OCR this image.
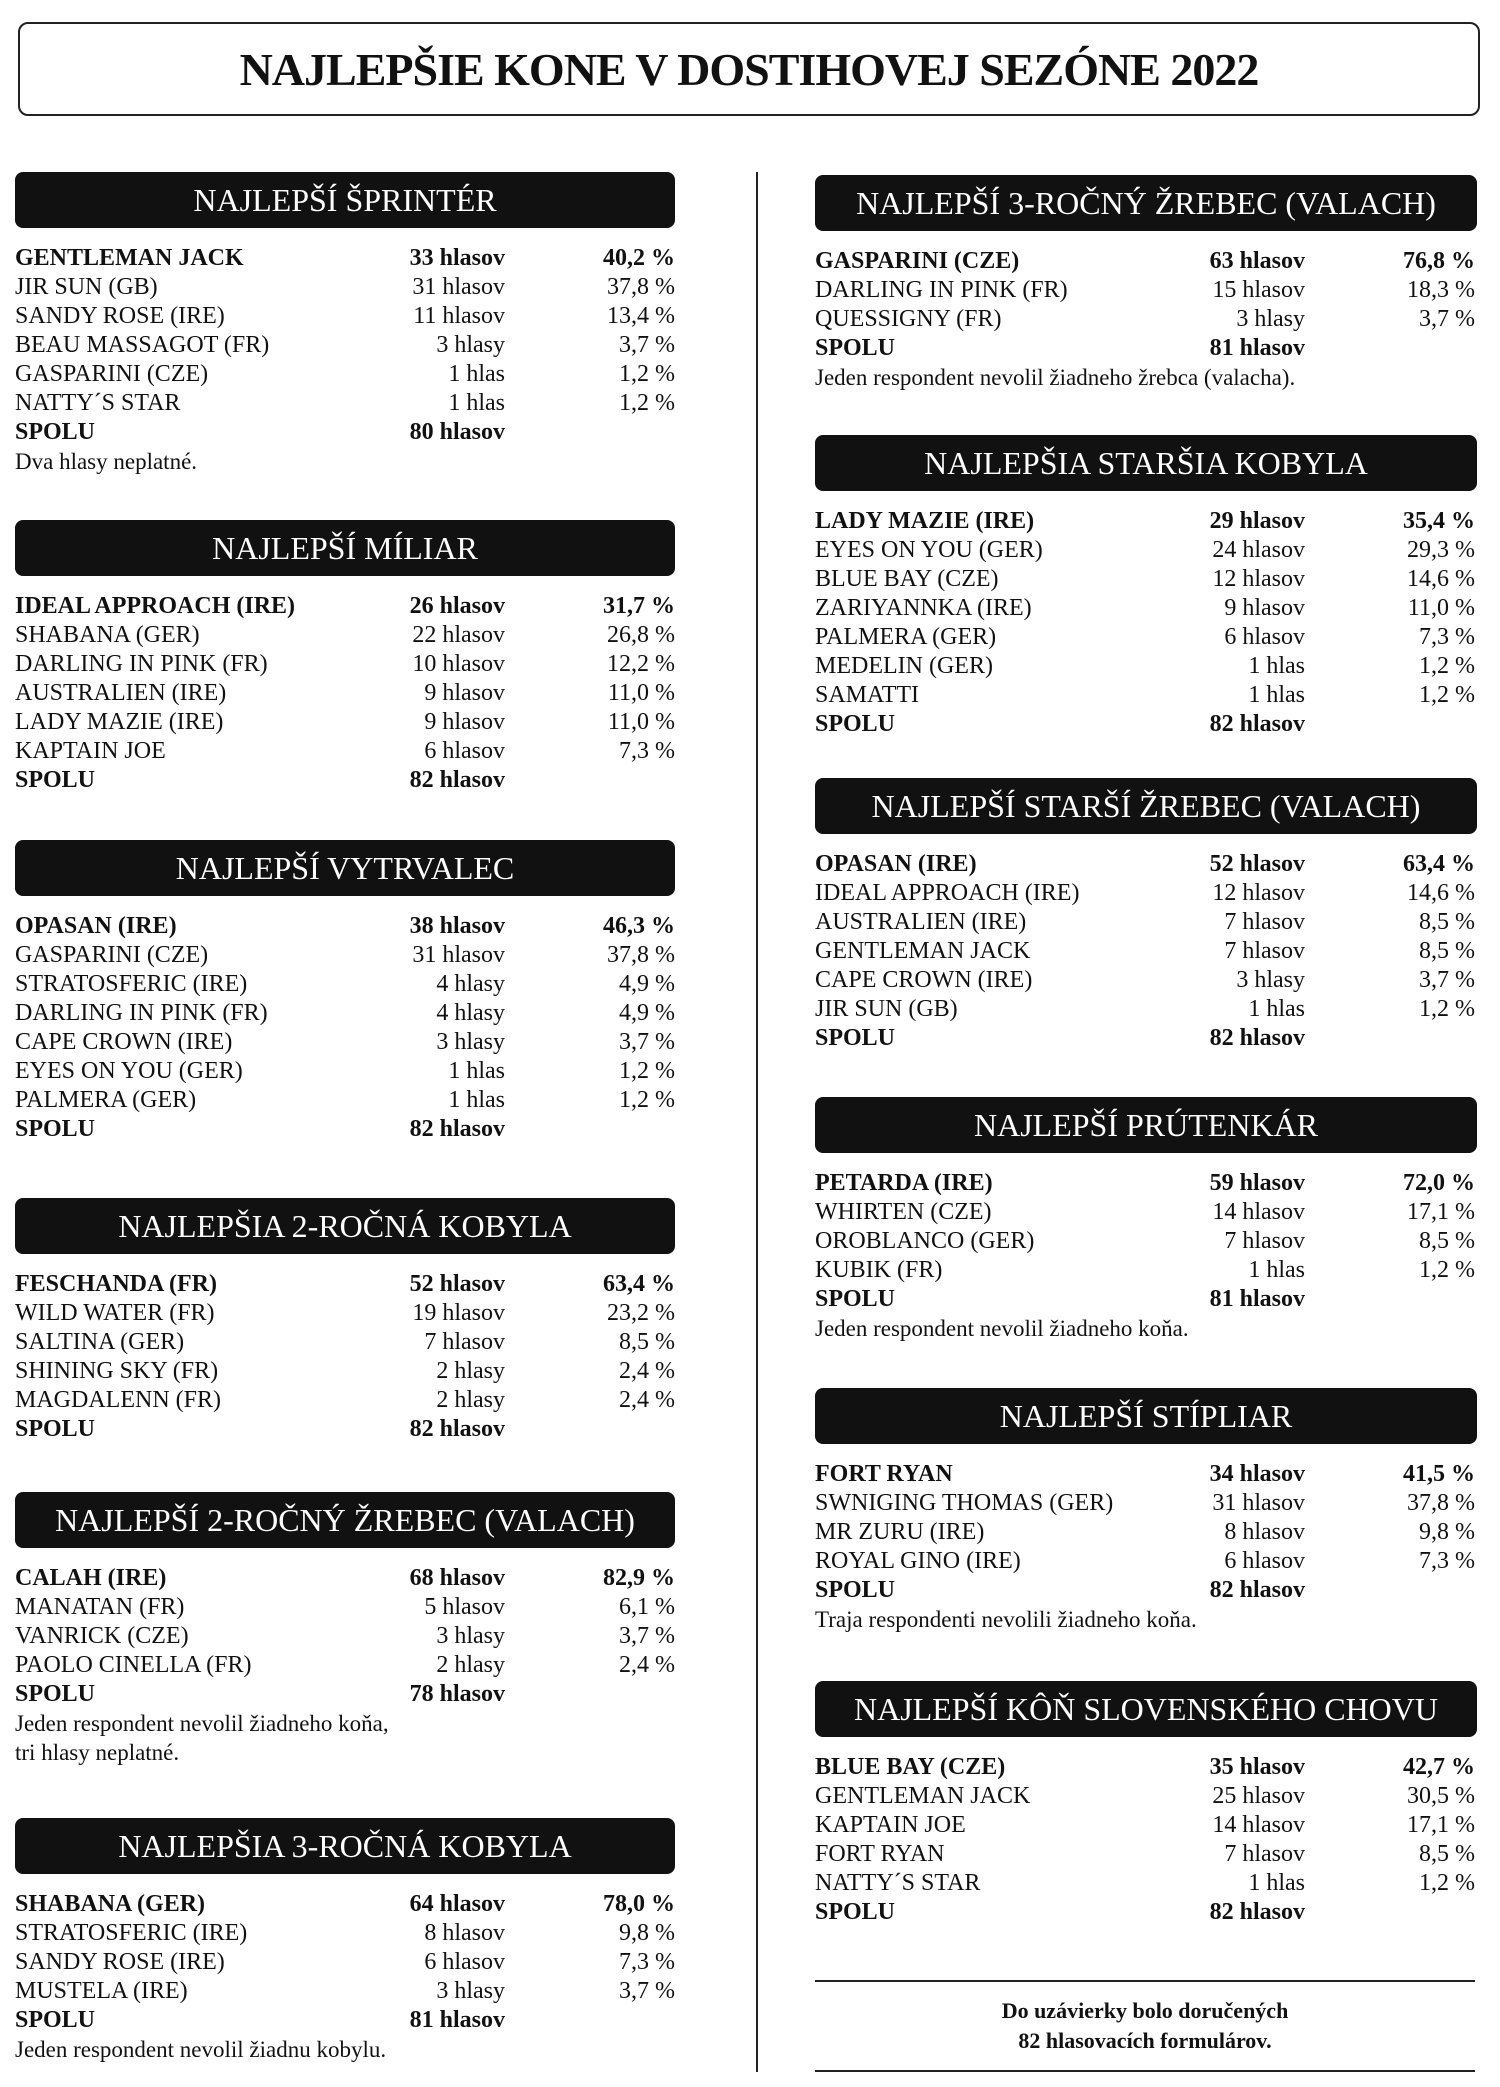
NAJLEPŠIE KONE V DOSTIHOVEJ SEZÓNE 2022
NAJLEPŠÍ ŠPRINTÉR
GENTLEMAN JACK	33 hlasov	40,2 %
JIR SUN (GB)	31 hlasov	37,8 %
SANDY ROSE (IRE)	11 hlasov	13,4 %
BEAU MASSAGOT (FR)	3 hlasy	3,7 %
GASPARINI (CZE)	1 hlas	1,2 %
NATTY´S STAR	1 hlas	1,2 %
SPOLU	80 hlasov
Dva hlasy neplatné.
NAJLEPŠÍ MÍLIAR
IDEAL APPROACH (IRE)	26 hlasov	31,7 %
SHABANA (GER)	22 hlasov	26,8 %
DARLING IN PINK (FR)	10 hlasov	12,2 %
AUSTRALIEN (IRE)	9 hlasov	11,0 %
LADY MAZIE (IRE)	9 hlasov	11,0 %
KAPTAIN JOE	6 hlasov	7,3 %
SPOLU	82 hlasov
NAJLEPŠÍ VYTRVALEC
OPASAN (IRE)	38 hlasov	46,3 %
GASPARINI (CZE)	31 hlasov	37,8 %
STRATOSFERIC (IRE)	4 hlasy	4,9 %
DARLING IN PINK (FR)	4 hlasy	4,9 %
CAPE CROWN (IRE)	3 hlasy	3,7 %
EYES ON YOU (GER)	1 hlas	1,2 %
PALMERA (GER)	1 hlas	1,2 %
SPOLU	82 hlasov
NAJLEPŠIA 2-ROČNÁ KOBYLA
FESCHANDA (FR)	52 hlasov	63,4 %
WILD WATER (FR)	19 hlasov	23,2 %
SALTINA (GER)	7 hlasov	8,5 %
SHINING SKY (FR)	2 hlasy	2,4 %
MAGDALENN (FR)	2 hlasy	2,4 %
SPOLU	82 hlasov
NAJLEPŠÍ 2-ROČNÝ ŽREBEC (VALACH)
CALAH (IRE)	68 hlasov	82,9 %
MANATAN (FR)	5 hlasov	6,1 %
VANRICK (CZE)	3 hlasy	3,7 %
PAOLO CINELLA (FR)	2 hlasy	2,4 %
SPOLU	78 hlasov
Jeden respondent nevolil žiadneho koňa,
tri hlasy neplatné.
NAJLEPŠIA 3-ROČNÁ KOBYLA
SHABANA (GER)	64 hlasov	78,0 %
STRATOSFERIC (IRE)	8 hlasov	9,8 %
SANDY ROSE (IRE)	6 hlasov	7,3 %
MUSTELA (IRE)	3 hlasy	3,7 %
SPOLU	81 hlasov
Jeden respondent nevolil žiadnu kobylu.
NAJLEPŠÍ 3-ROČNÝ ŽREBEC (VALACH)
GASPARINI (CZE)	63 hlasov	76,8 %
DARLING IN PINK (FR)	15 hlasov	18,3 %
QUESSIGNY (FR)	3 hlasy	3,7 %
SPOLU	81 hlasov
Jeden respondent nevolil žiadneho žrebca (valacha).
NAJLEPŠIA STARŠIA KOBYLA
LADY MAZIE (IRE)	29 hlasov	35,4 %
EYES ON YOU (GER)	24 hlasov	29,3 %
BLUE BAY (CZE)	12 hlasov	14,6 %
ZARIYANNKA (IRE)	9 hlasov	11,0 %
PALMERA (GER)	6 hlasov	7,3 %
MEDELIN (GER)	1 hlas	1,2 %
SAMATTI	1 hlas	1,2 %
SPOLU	82 hlasov
NAJLEPŠÍ STARŠÍ ŽREBEC (VALACH)
OPASAN (IRE)	52 hlasov	63,4 %
IDEAL APPROACH (IRE)	12 hlasov	14,6 %
AUSTRALIEN (IRE)	7 hlasov	8,5 %
GENTLEMAN JACK	7 hlasov	8,5 %
CAPE CROWN (IRE)	3 hlasy	3,7 %
JIR SUN (GB)	1 hlas	1,2 %
SPOLU	82 hlasov
NAJLEPŠÍ PRÚTENKÁR
PETARDA (IRE)	59 hlasov	72,0 %
WHIRTEN (CZE)	14 hlasov	17,1 %
OROBLANCO (GER)	7 hlasov	8,5 %
KUBIK (FR)	1 hlas	1,2 %
SPOLU	81 hlasov
Jeden respondent nevolil žiadneho koňa.
NAJLEPŠÍ STÍPLIAR
FORT RYAN	34 hlasov	41,5 %
SWNIGING THOMAS (GER)	31 hlasov	37,8 %
MR ZURU (IRE)	8 hlasov	9,8 %
ROYAL GINO (IRE)	6 hlasov	7,3 %
SPOLU	82 hlasov
Traja respondenti nevolili žiadneho koňa.
NAJLEPŠÍ KÔŇ SLOVENSKÉHO CHOVU
BLUE BAY (CZE)	35 hlasov	42,7 %
GENTLEMAN JACK	25 hlasov	30,5 %
KAPTAIN JOE	14 hlasov	17,1 %
FORT RYAN	7 hlasov	8,5 %
NATTY´S STAR	1 hlas	1,2 %
SPOLU	82 hlasov
Do uzávierky bolo doručených
82 hlasovacích formulárov.
